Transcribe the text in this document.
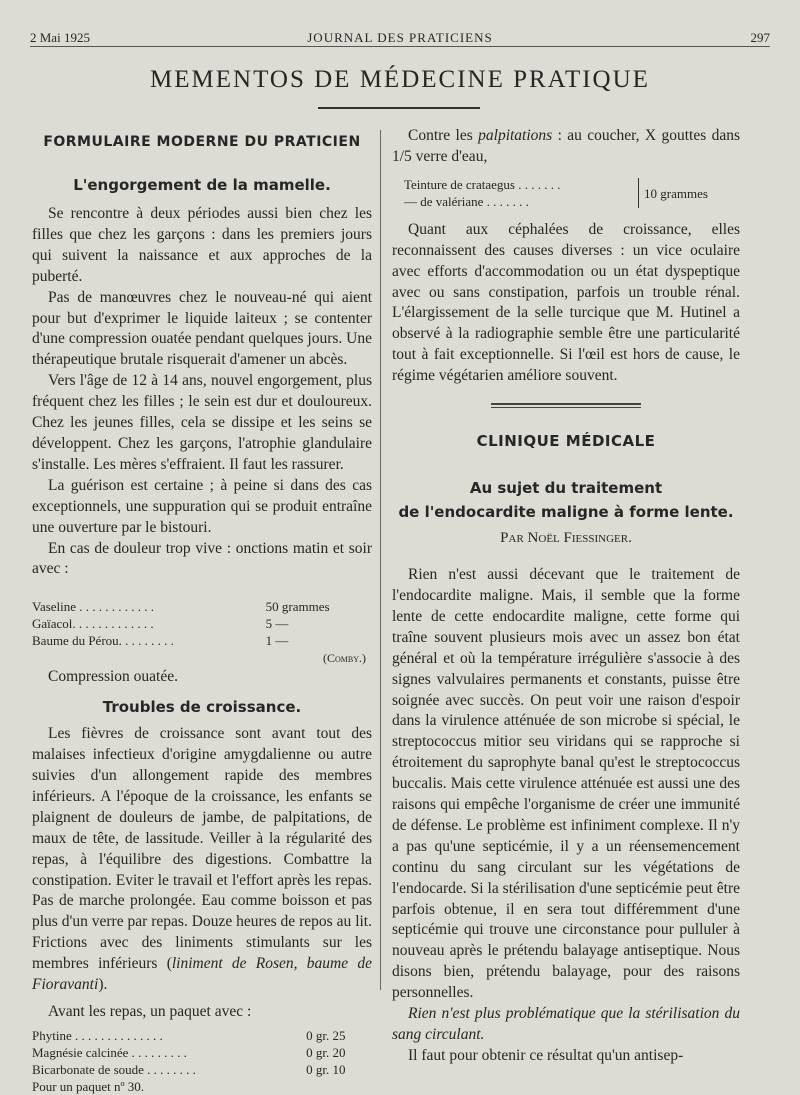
2 Mai 1925	JOURNAL DES PRATICIENS	297
MEMENTOS DE MÉDECINE PRATIQUE
FORMULAIRE MODERNE DU PRATICIEN
L'engorgement de la mamelle.

Se rencontre à deux périodes aussi bien chez les filles que chez les garçons : dans les premiers jours qui suivent la naissance et aux approches de la puberté.

Pas de manœuvres chez le nouveau-né qui aient pour but d'exprimer le liquide laiteux ; se contenter d'une compression ouatée pendant quelques jours. Une thérapeutique brutale risquerait d'amener un abcès.

Vers l'âge de 12 à 14 ans, nouvel engorgement, plus fréquent chez les filles ; le sein est dur et douloureux. Chez les jeunes filles, cela se dissipe et les seins se développent. Chez les garçons, l'atrophie glandulaire s'installe. Les mères s'effraient. Il faut les rassurer.

La guérison est certaine ; à peine si dans des cas exceptionnels, une suppuration qui se produit entraîne une ouverture par le bistouri.

En cas de douleur trop vive : onctions matin et soir avec :

Vaseline . . . . . . . . . . . .	50 grammes
Gaïacol. . . . . . . . . . . . .	5 —
Baume du Pérou. . . . . . . . .	1 —
(Comby.)

Compression ouatée.

Troubles de croissance.

Les fièvres de croissance sont avant tout des malaises infectieux d'origine amygdalienne ou autre suivies d'un allongement rapide des membres inférieurs. A l'époque de la croissance, les enfants se plaignent de douleurs de jambe, de palpitations, de maux de tête, de lassitude. Veiller à la régularité des repas, à l'équilibre des digestions. Combattre la constipation. Eviter le travail et l'effort après les repas. Pas de marche prolongée. Eau comme boisson et pas plus d'un verre par repas. Douze heures de repos au lit. Frictions avec des liniments stimulants sur les membres inférieurs (liniment de Rosen, baume de Fioravanti).

Avant les repas, un paquet avec :

Phytine . . . . . . . . . . . . . .	0 gr. 25
Magnésie calcinée . . . . . . . . .	0 gr. 20
Bicarbonate de soude . . . . . . . .	0 gr. 10
Pour un paquet nº 30.

Contre les palpitations : au coucher, X gouttes dans 1/5 verre d'eau,

Teinture de crataegus . . . . . . .
— de valériane . . . . . . .
10 grammes

Quant aux céphalées de croissance, elles reconnaissent des causes diverses : un vice oculaire avec efforts d'accommodation ou un état dyspeptique avec ou sans constipation, parfois un trouble rénal. L'élargissement de la selle turcique que M. Hutinel a observé à la radiographie semble être une particularité tout à fait exceptionnelle. Si l'œil est hors de cause, le régime végétarien améliore souvent.

CLINIQUE MÉDICALE
Au sujet du traitement
de l'endocardite maligne à forme lente.
Par Noël Fiessinger.

Rien n'est aussi décevant que le traitement de l'endocardite maligne. Mais, il semble que la forme lente de cette endocardite maligne, cette forme qui traîne souvent plusieurs mois avec un assez bon état général et où la température irrégulière s'associe à des signes valvulaires permanents et constants, puisse être soignée avec succès. On peut voir une raison d'espoir dans la virulence atténuée de son microbe si spécial, le streptococcus mitior seu viridans qui se rapproche si étroitement du saprophyte banal qu'est le streptococcus buccalis. Mais cette virulence atténuée est aussi une des raisons qui empêche l'organisme de créer une immunité de défense. Le problème est infiniment complexe. Il n'y a pas qu'une septicémie, il y a un réensemencement continu du sang circulant sur les végétations de l'endocarde. Si la stérilisation d'une septicémie peut être parfois obtenue, il en sera tout différemment d'une septicémie qui trouve une circonstance pour pulluler à nouveau après le prétendu balayage antiseptique. Nous disons bien, prétendu balayage, pour des raisons personnelles.

Rien n'est plus problématique que la stérilisation du sang circulant.

Il faut pour obtenir ce résultat qu'un antisep-
